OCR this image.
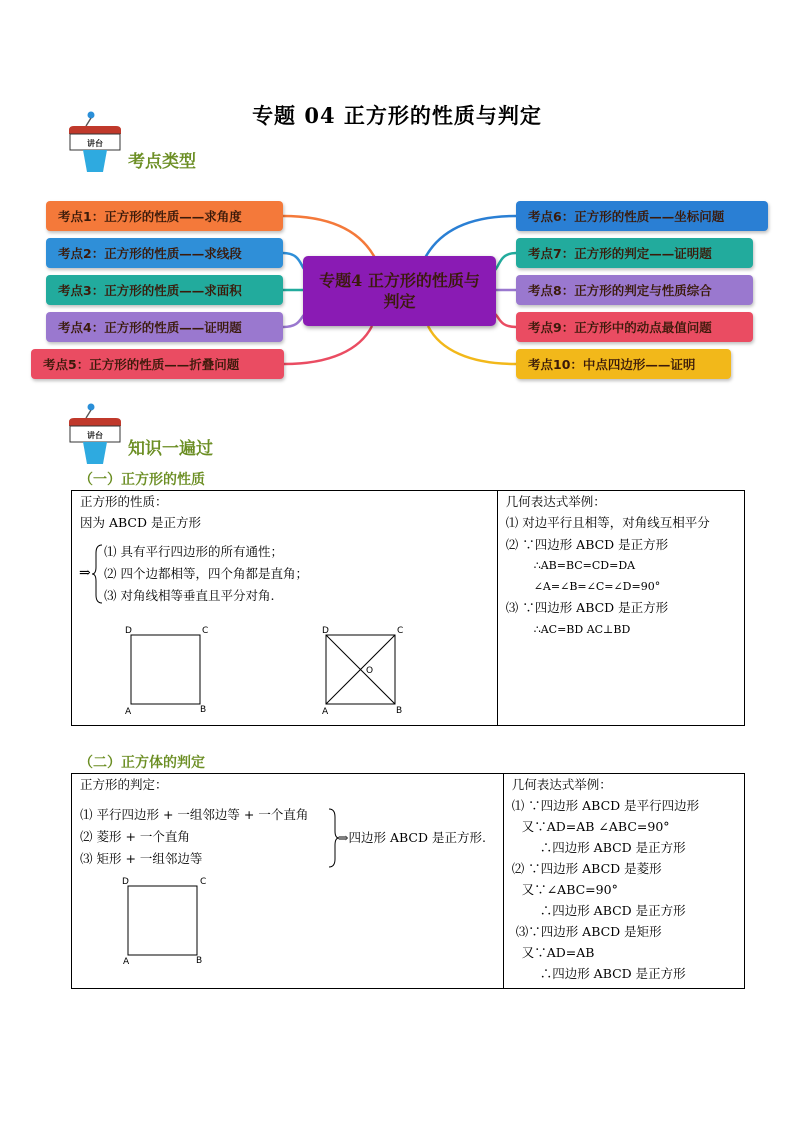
专题 04 正方形的性质与判定
讲台
考点类型
考点1：正方形的性质——求角度
考点2：正方形的性质——求线段
考点3：正方形的性质——求面积
考点4：正方形的性质——证明题
考点5：正方形的性质——折叠问题
专题4 正方形的性质与判定
考点6：正方形的性质——坐标问题
考点7：正方形的判定——证明题
考点8：正方形的判定与性质综合
考点9：正方形中的动点最值问题
考点10：中点四边形——证明
讲台
知识一遍过
（一）正方形的性质
正方形的性质：
因为 ABCD 是正方形
⇒
⑴ 具有平行四边形的所有通性；
⑵ 四个边都相等，四个角都是直角；
⑶ 对角线相等垂直且平分对角.
D	C
A	B
D	C
A	B
O

几何表达式举例：
⑴ 对边平行且相等，对角线互相平分
⑵ ∵四边形 ABCD 是正方形
∴AB=BC=CD=DA
∠A=∠B=∠C=∠D=90°
⑶ ∵四边形 ABCD 是正方形
∴AC=BD AC⊥BD
（二）正方体的判定
正方形的判定：
⑴ 平行四边形 + 一组邻边等 + 一个直角
⑵ 菱形 + 一个直角
⑶ 矩形 + 一组邻边等
⇒四边形 ABCD 是正方形.
D	C
A	B

几何表达式举例：
⑴ ∵四边形 ABCD 是平行四边形
又∵AD=AB ∠ABC=90°
∴四边形 ABCD 是正方形
⑵ ∵四边形 ABCD 是菱形
又∵∠ABC=90°
∴四边形 ABCD 是正方形
⑶∵四边形 ABCD 是矩形
又∵AD=AB
∴四边形 ABCD 是正方形
